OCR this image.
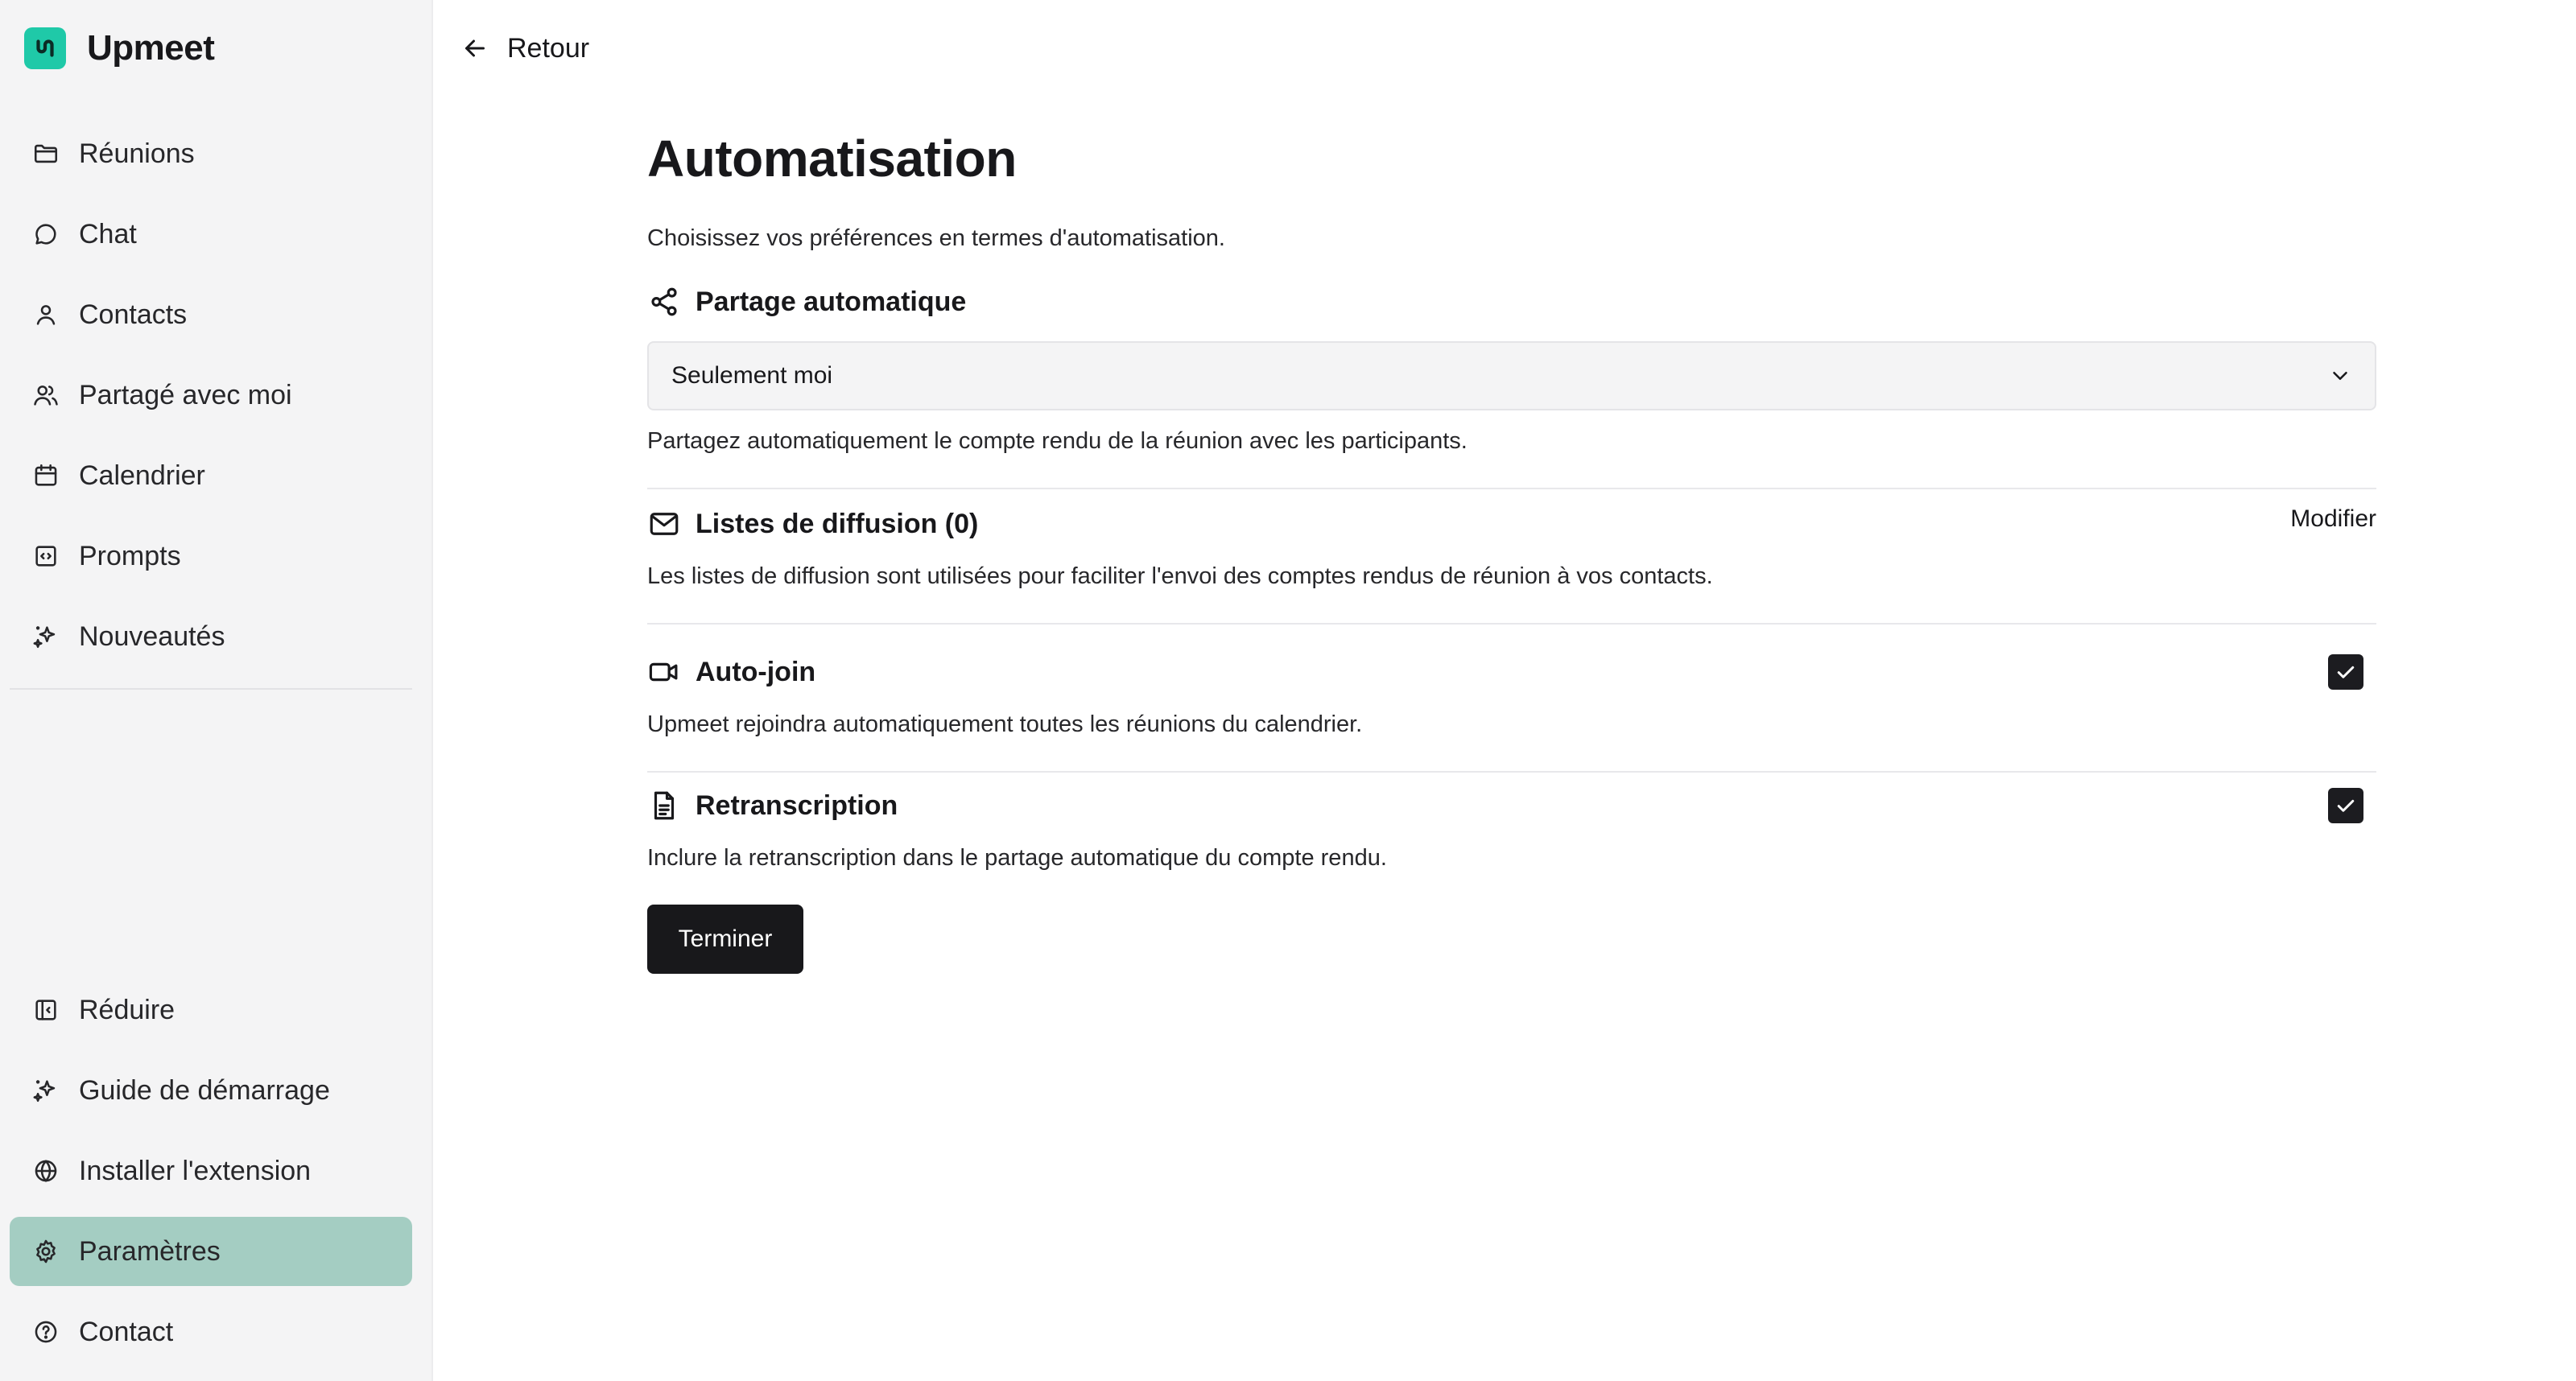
Upmeet
Réunions
Chat
Contacts
Partagé avec moi
Calendrier
Prompts
Nouveautés
Réduire
Guide de démarrage
Installer l'extension
Paramètres
Contact
Retour
Automatisation

Choisissez vos préférences en termes d'automatisation.

Partage automatique
Seulement moi

Partagez automatiquement le compte rendu de la réunion avec les participants.

Listes de diffusion (0)	Modifier

Les listes de diffusion sont utilisées pour faciliter l'envoi des comptes rendus de réunion à vos contacts.

Auto-join

Upmeet rejoindra automatiquement toutes les réunions du calendrier.

Retranscription

Inclure la retranscription dans le partage automatique du compte rendu.

Terminer
